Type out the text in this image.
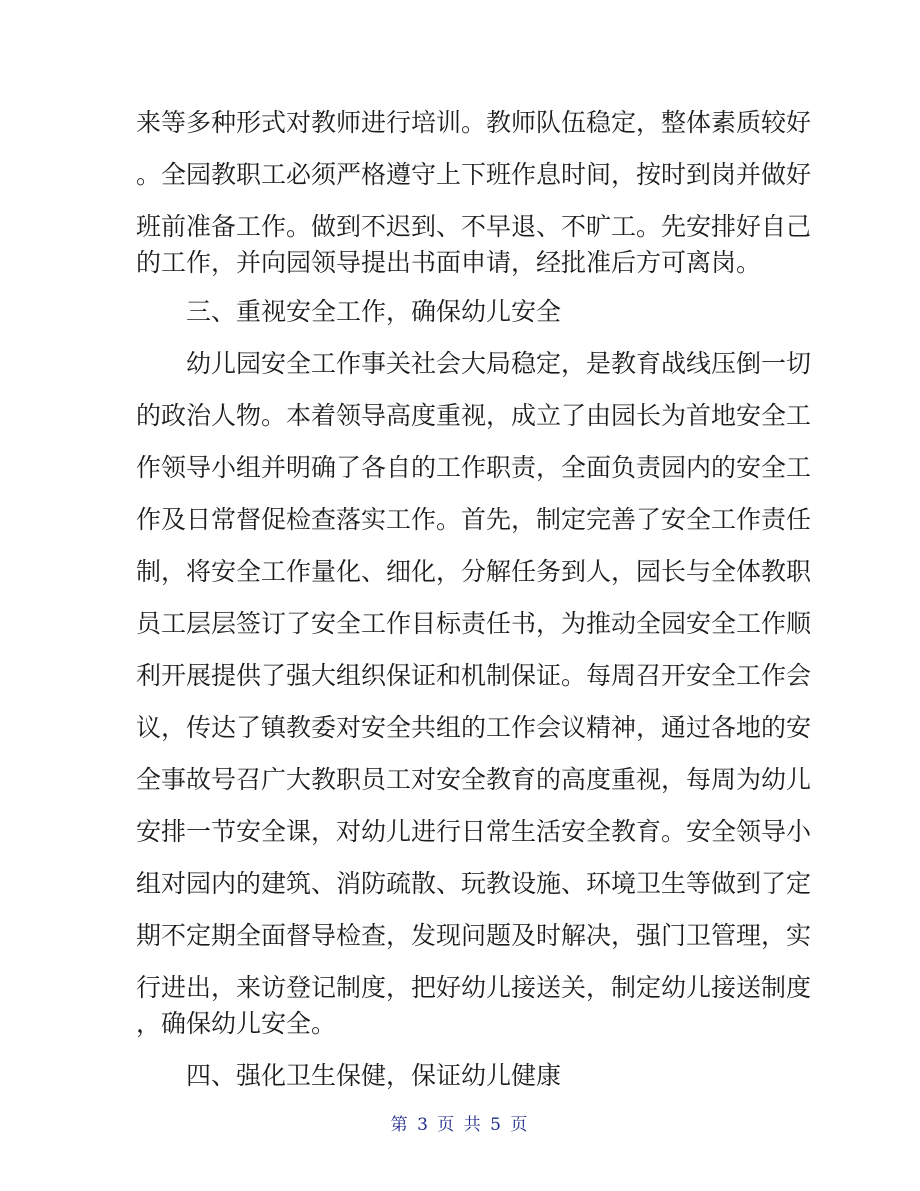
来等多种形式对教师进行培训。教师队伍稳定，整体素质较好
。全园教职工必须严格遵守上下班作息时间，按时到岗并做好
班前准备工作。做到不迟到、不早退、不旷工。先安排好自己
的工作，并向园领导提出书面申请，经批准后方可离岗。
三、重视安全工作，确保幼儿安全
幼儿园安全工作事关社会大局稳定，是教育战线压倒一切
的政治人物。本着领导高度重视，成立了由园长为首地安全工
作领导小组并明确了各自的工作职责，全面负责园内的安全工
作及日常督促检查落实工作。首先，制定完善了安全工作责任
制，将安全工作量化、细化，分解任务到人，园长与全体教职
员工层层签订了安全工作目标责任书，为推动全园安全工作顺
利开展提供了强大组织保证和机制保证。每周召开安全工作会
议，传达了镇教委对安全共组的工作会议精神，通过各地的安
全事故号召广大教职员工对安全教育的高度重视，每周为幼儿
安排一节安全课，对幼儿进行日常生活安全教育。安全领导小
组对园内的建筑、消防疏散、玩教设施、环境卫生等做到了定
期不定期全面督导检查，发现问题及时解决，强门卫管理，实
行进出，来访登记制度，把好幼儿接送关，制定幼儿接送制度
，确保幼儿安全。
四、强化卫生保健，保证幼儿健康
第 3 页 共 5 页
